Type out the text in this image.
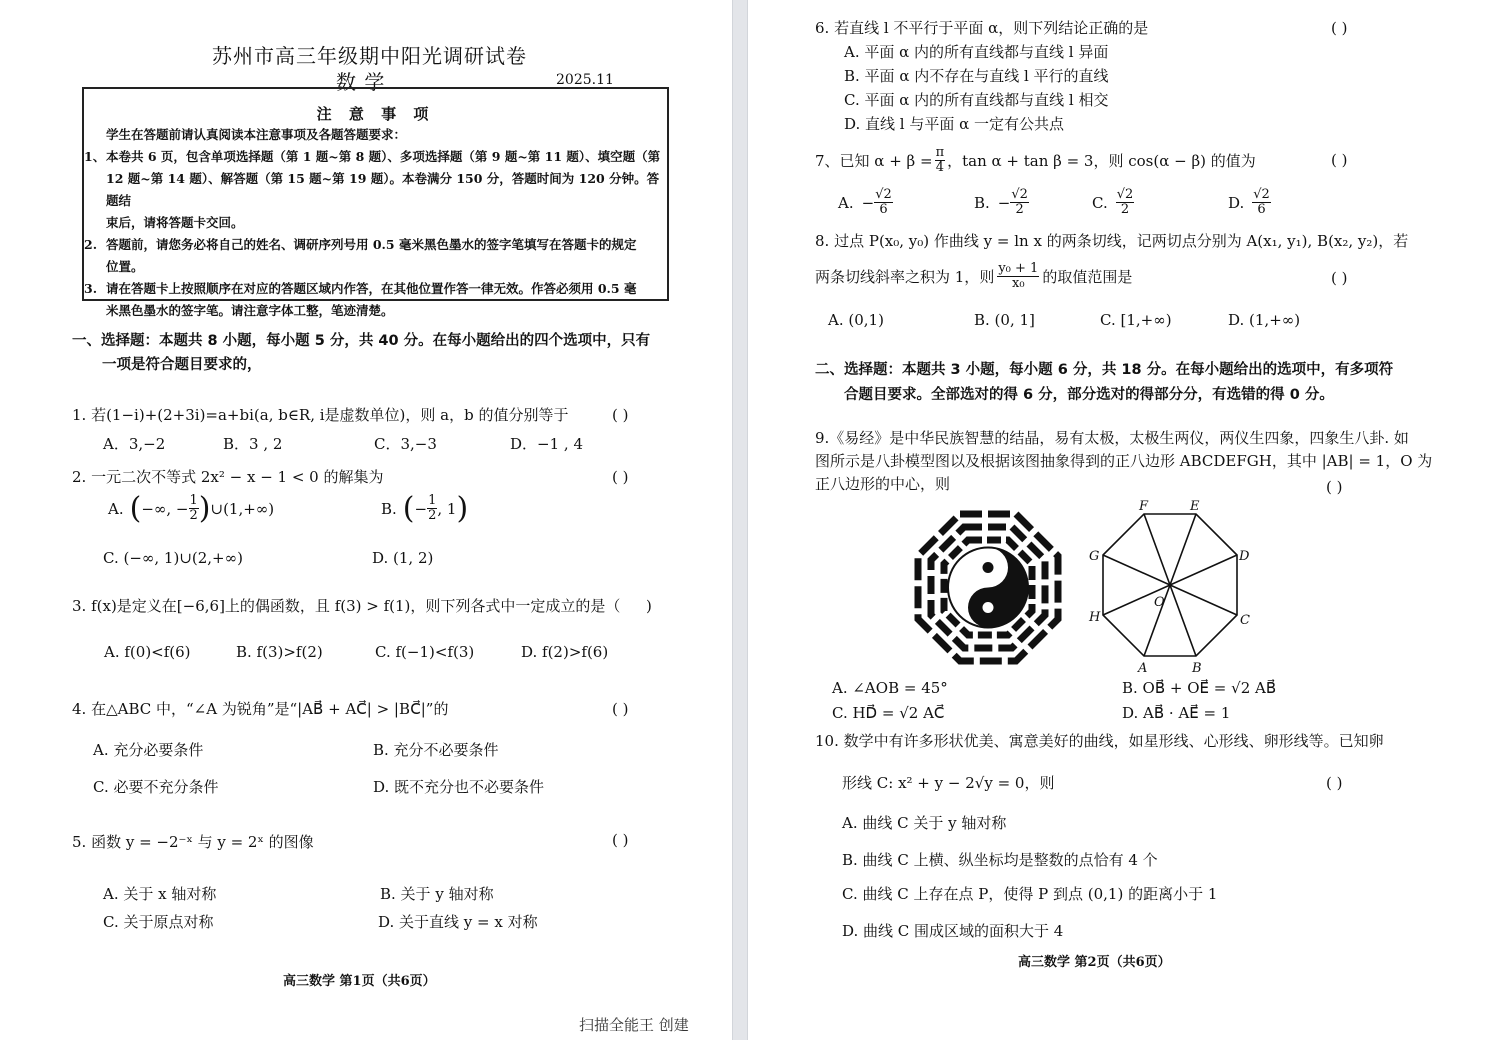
苏州市高三年级期中阳光调研试卷
数 学	2025.11
注 意 事 项
学生在答题前请认真阅读本注意事项及各题答题要求：
1、 本卷共 6 页，包含单项选择题（第 1 题~第 8 题）、多项选择题（第 9 题~第 11 题）、填空题（第
12 题~第 14 题）、解答题（第 15 题~第 19 题）。本卷满分 150 分，答题时间为 120 分钟。答题结
束后，请将答题卡交回。
2. 答题前，请您务必将自己的姓名、调研序列号用 0.5 毫米黑色墨水的签字笔填写在答题卡的规定
位置。
3. 请在答题卡上按照顺序在对应的答题区域内作答，在其他位置作答一律无效。作答必须用 0.5 毫
米黑色墨水的签字笔。请注意字体工整，笔迹清楚。
一、选择题：本题共 8 小题，每小题 5 分，共 40 分。在每小题给出的四个选项中，只有
一项是符合题目要求的，
1. 若(1−i)+(2+3i)=a+bi(a, b∈R, i是虚数单位)，则 a，b 的值分别等于	( )
A．3,−2	B．3 , 2	C．3,−3	D．−1 , 4
2. 一元二次不等式 2x² − x − 1 < 0 的解集为	( )
A. ( −∞, − $\frac{1}{2}$ ) ∪(1,+∞)	B. ( − $\frac{1}{2}$ , 1 )
C. (−∞, 1)∪(2,+∞)	D. (1, 2)
3. f(x)是定义在[−6,6]上的偶函数，且 f(3) > f(1)，则下列各式中一定成立的是（ )
A. f(0)<f(6)	B. f(3)>f(2)	C. f(−1)<f(3)	D. f(2)>f(6)
4. 在△ABC 中，“∠A 为锐角”是“|AB⃗ + AC⃗| > |BC⃗|”的	( )
A. 充分必要条件	B. 充分不必要条件
C. 必要不充分条件	D. 既不充分也不必要条件
5. 函数 y = −2⁻ˣ 与 y = 2ˣ 的图像	( )
A. 关于 x 轴对称	B. 关于 y 轴对称
C. 关于原点对称	D. 关于直线 y = x 对称
高三数学 第1页（共6页）
扫描全能王 创建
6. 若直线 l 不平行于平面 α，则下列结论正确的是	( )
A. 平面 α 内的所有直线都与直线 l 异面
B. 平面 α 内不存在与直线 l 平行的直线
C. 平面 α 内的所有直线都与直线 l 相交
D. 直线 l 与平面 α 一定有公共点
7、已知 $\alpha + \beta = \frac{\pi}{4}$ ，tan α + tan β = 3，则 cos(α − β) 的值为	( )
A. − $\frac{√2}{6}$	B. − $\frac{√2}{2}$	C. $\frac{√2}{2}$	D. $\frac{√2}{6}$
8. 过点 P(x₀, y₀) 作曲线 y = ln x 的两条切线，记两切点分别为 A(x₁, y₁), B(x₂, y₂)，若
两条切线斜率之积为 1，则 $\frac{\text{y₀ + 1}}{\text{x₀}}$ 的取值范围是	( )
A. (0,1)	B. (0, 1]	C. [1,+∞)	D. (1,+∞)
二、选择题：本题共 3 小题，每小题 6 分，共 18 分。在每小题给出的选项中，有多项符
合题目要求。全部选对的得 6 分，部分选对的得部分分，有选错的得 0 分。
9.《易经》是中华民族智慧的结晶，易有太极，太极生两仪，两仪生四象，四象生八卦. 如
图所示是八卦模型图以及根据该图抽象得到的正八边形 ABCDEFGH，其中 |AB| = 1，O 为
正八边形的中心，则	( )
A	B
C
D
E
F
G
H
O
A. ∠AOB = 45°	B. OB⃗ + OE⃗ = √2 AB⃗
C. HD⃗ = √2 AC⃗	D. AB⃗ · AE⃗ = 1
10. 数学中有许多形状优美、寓意美好的曲线，如星形线、心形线、卵形线等。已知卵
形线 C: x² + y − 2√y = 0，则	( )
A. 曲线 C 关于 y 轴对称
B. 曲线 C 上横、纵坐标均是整数的点恰有 4 个
C. 曲线 C 上存在点 P，使得 P 到点 (0,1) 的距离小于 1
D. 曲线 C 围成区域的面积大于 4
高三数学 第2页（共6页）
